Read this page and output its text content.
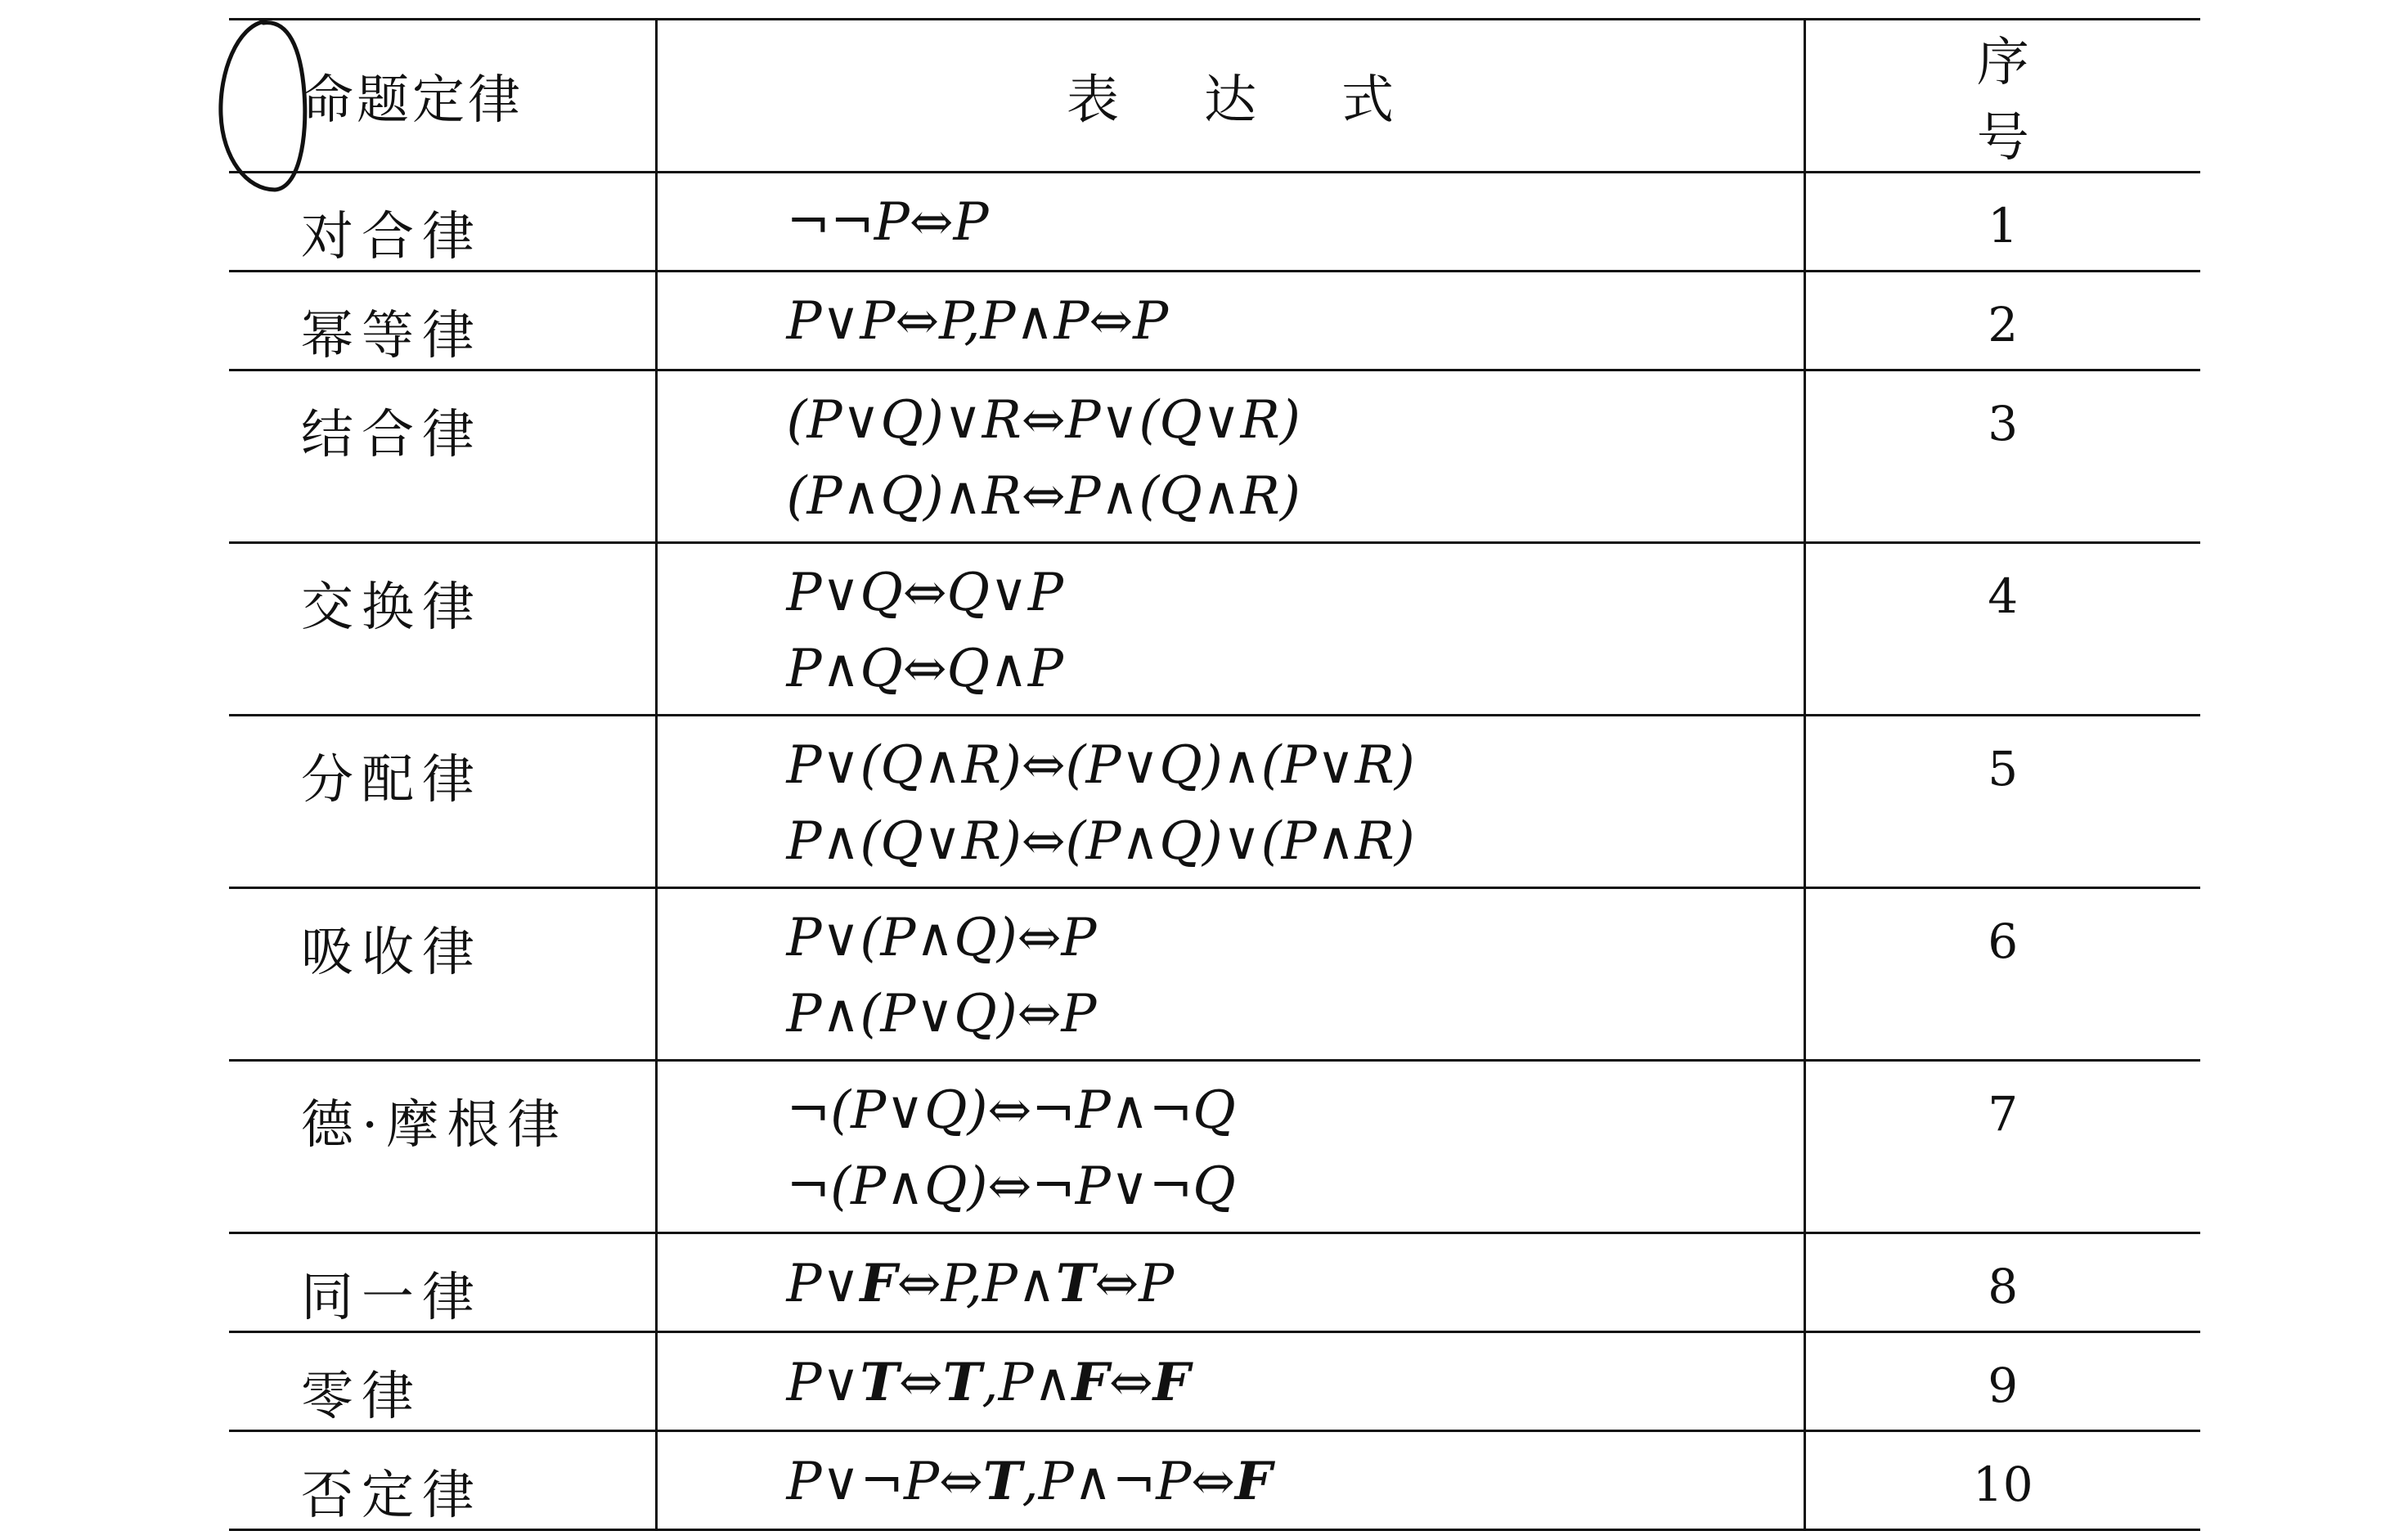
命题定律	表达式	序号

对合律	¬¬P⇔P	1

幂等律	P∨P⇔P,P∧P⇔P	2

结合律	(P∨Q)∨R⇔P∨(Q∨R)
(P∧Q)∧R⇔P∧(Q∧R)	3

交换律	P∨Q⇔Q∨P
P∧Q⇔Q∧P	4

分配律	P∨(Q∧R)⇔(P∨Q)∧(P∨R)
P∧(Q∨R)⇔(P∧Q)∨(P∧R)	5

吸收律	P∨(P∧Q)⇔P
P∧(P∨Q)⇔P	6

德·摩根律	¬(P∨Q)⇔¬P∧¬Q
¬(P∧Q)⇔¬P∨¬Q	7

同一律	P∨F⇔P,P∧T⇔P	8

零律	P∨T⇔T,P∧F⇔F	9

否定律	P∨¬P⇔T,P∧¬P⇔F	10
